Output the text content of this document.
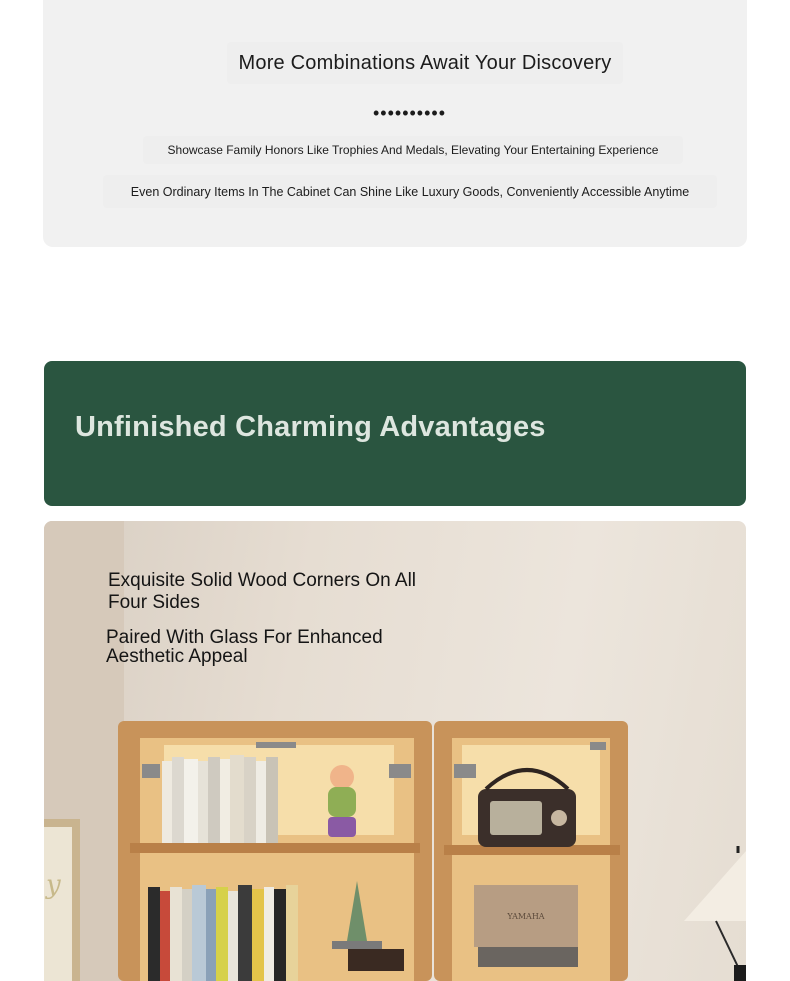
More Combinations Await Your Discovery
••••••••••
Showcase Family Honors Like Trophies And Medals, Elevating Your Entertaining Experience
Even Ordinary Items In The Cabinet Can Shine Like Luxury Goods, Conveniently Accessible Anytime
Unfinished Charming Advantages
y
YAMAHA
Exquisite Solid Wood Corners On All Four Sides
Paired With Glass For Enhanced Aesthetic Appeal
